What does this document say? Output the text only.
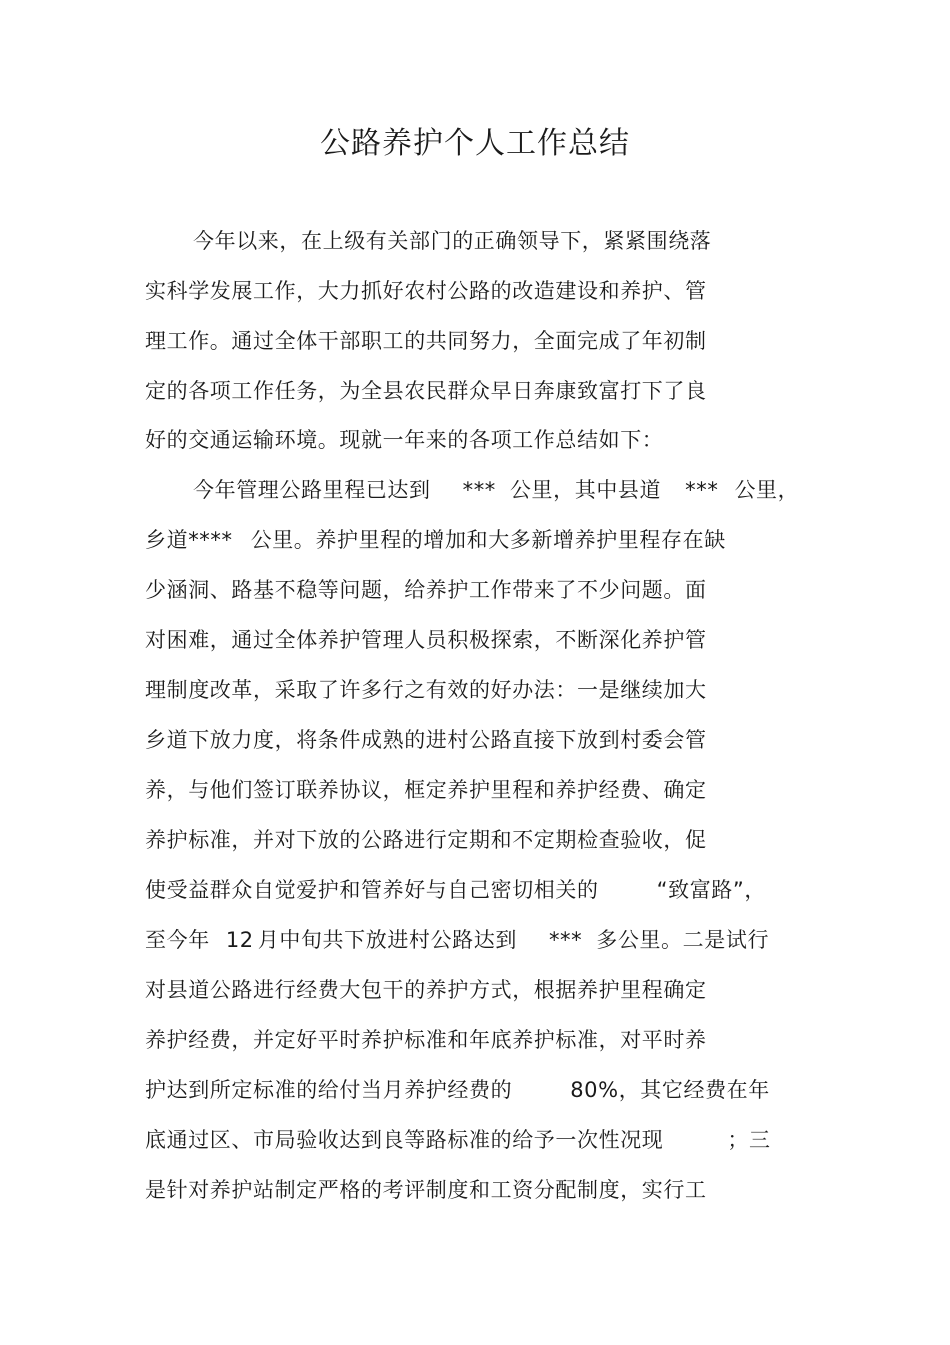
公路养护个人工作总结
今年以来，在上级有关部门的正确领导下，紧紧围绕落
实科学发展工作，大力抓好农村公路的改造建设和养护、管
理工作。通过全体干部职工的共同努力，全面完成了年初制
定的各项工作任务，为全县农民群众早日奔康致富打下了良
好的交通运输环境。现就一年来的各项工作总结如下：
今年管理公路里程已达到 *** 公里，其中县道 *** 公里，
乡道**** 公里。养护里程的增加和大多新增养护里程存在缺
少涵洞、路基不稳等问题，给养护工作带来了不少问题。面
对困难，通过全体养护管理人员积极探索，不断深化养护管
理制度改革，采取了许多行之有效的好办法：一是继续加大
乡道下放力度，将条件成熟的进村公路直接下放到村委会管
养，与他们签订联养协议，框定养护里程和养护经费、确定
养护标准，并对下放的公路进行定期和不定期检查验收，促
使受益群众自觉爱护和管养好与自己密切相关的	“致富路”，
至今年 12 月中旬共下放进村公路达到 *** 多公里。二是试行
对县道公路进行经费大包干的养护方式，根据养护里程确定
养护经费，并定好平时养护标准和年底养护标准，对平时养
护达到所定标准的给付当月养护经费的	80%，其它经费在年
底通过区、市局验收达到良等路标准的给予一次性况现	；三
是针对养护站制定严格的考评制度和工资分配制度，实行工
